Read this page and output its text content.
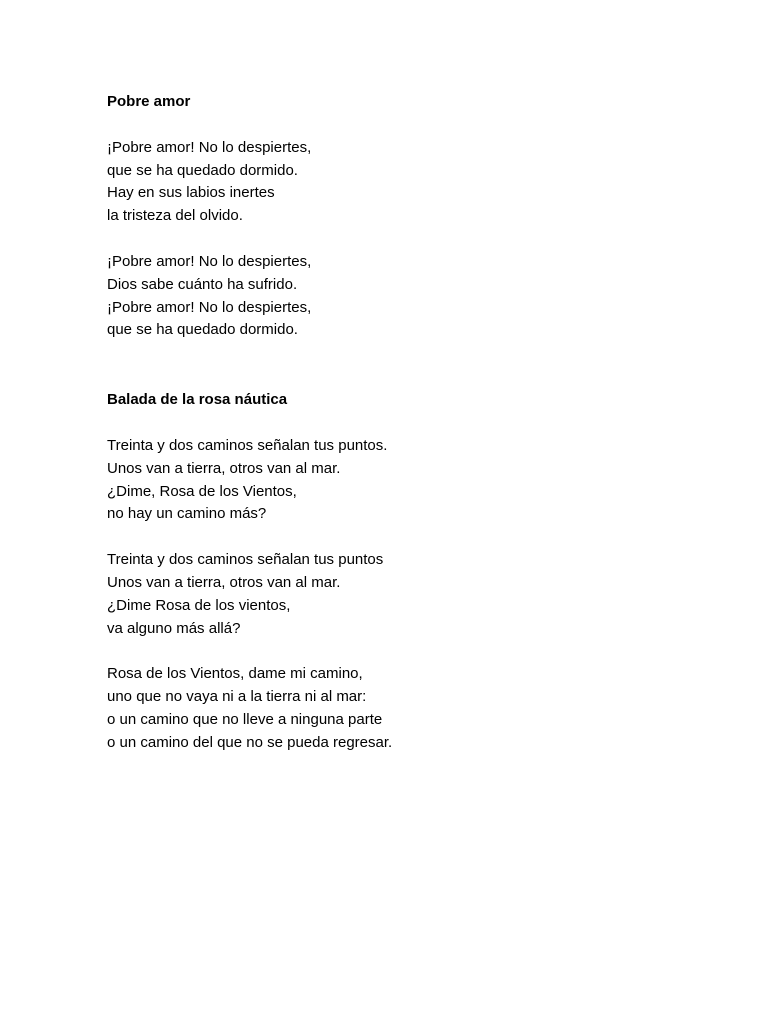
Pobre amor
¡Pobre amor! No lo despiertes,
que se ha quedado dormido.
Hay en sus labios inertes
la tristeza del olvido.
¡Pobre amor! No lo despiertes,
Dios sabe cuánto ha sufrido.
¡Pobre amor! No lo despiertes,
que se ha quedado dormido.
Balada de la rosa náutica
Treinta y dos caminos señalan tus puntos.
Unos van a tierra, otros van al mar.
¿Dime, Rosa de los Vientos,
no hay un camino más?
Treinta y dos caminos señalan tus puntos
Unos van a tierra, otros van al mar.
¿Dime Rosa de los vientos,
va alguno más allá?
Rosa de los Vientos, dame mi camino,
uno que no vaya ni a la tierra ni al mar:
o un camino que no lleve a ninguna parte
o un camino del que no se pueda regresar.
